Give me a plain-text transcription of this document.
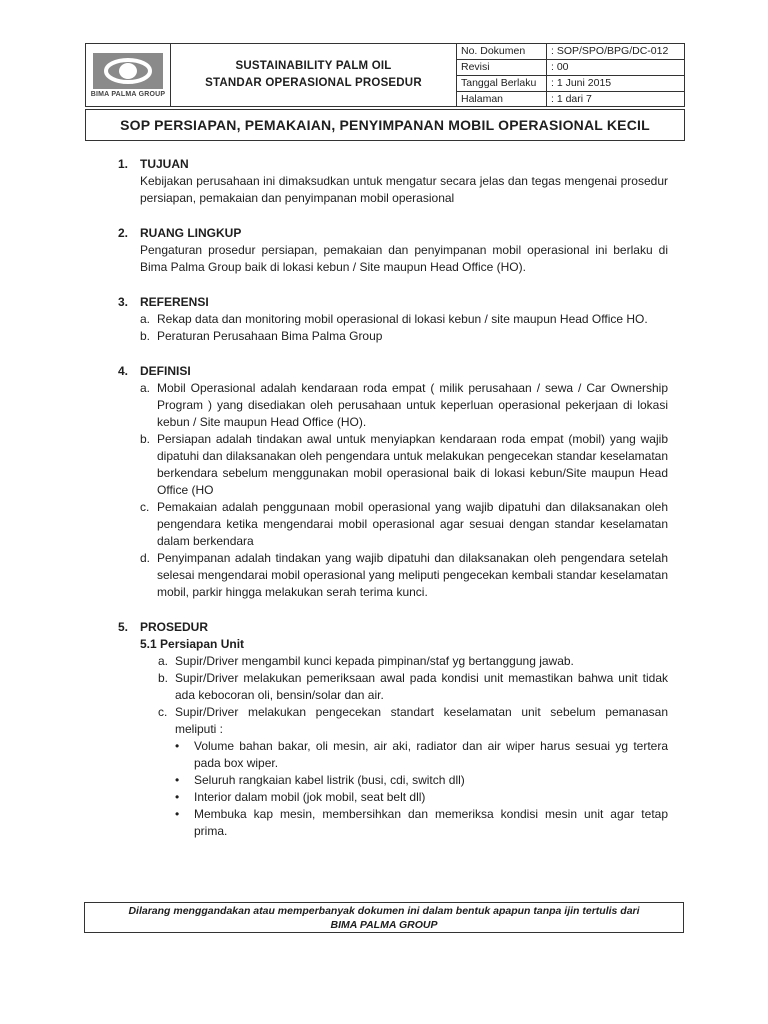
BIMA PALMA GROUP
SUSTAINABILITY PALM OIL
STANDAR OPERASIONAL PROSEDUR
No. Dokumen	: SOP/SPO/BPG/DC-012
Revisi	: 00
Tanggal Berlaku	: 1 Juni 2015
Halaman	: 1 dari 7
SOP PERSIAPAN, PEMAKAIAN, PENYIMPANAN MOBIL OPERASIONAL KECIL
1. TUJUAN
Kebijakan perusahaan ini dimaksudkan untuk mengatur secara jelas dan tegas mengenai prosedur persiapan, pemakaian dan penyimpanan mobil operasional
2. RUANG LINGKUP
Pengaturan prosedur persiapan, pemakaian dan penyimpanan mobil operasional ini berlaku di Bima Palma Group baik di lokasi kebun / Site maupun Head Office (HO).
3. REFERENSI
a. Rekap data dan monitoring mobil operasional di lokasi kebun / site maupun Head Office HO.
b. Peraturan Perusahaan Bima Palma Group
4. DEFINISI
a. Mobil Operasional adalah kendaraan roda empat ( milik perusahaan / sewa / Car Ownership Program ) yang disediakan oleh perusahaan untuk keperluan operasional pekerjaan di lokasi kebun / Site maupun Head Office (HO).
b. Persiapan adalah tindakan awal untuk menyiapkan kendaraan roda empat (mobil) yang wajib dipatuhi dan dilaksanakan oleh pengendara untuk melakukan pengecekan standar keselamatan berkendara sebelum menggunakan mobil operasional baik di lokasi kebun/Site maupun Head Office (HO
c. Pemakaian adalah penggunaan mobil operasional yang wajib dipatuhi dan dilaksanakan oleh pengendara ketika mengendarai mobil operasional agar sesuai dengan standar keselamatan dalam berkendara
d. Penyimpanan adalah tindakan yang wajib dipatuhi dan dilaksanakan oleh pengendara setelah selesai mengendarai mobil operasional yang meliputi pengecekan kembali standar keselamatan mobil, parkir hingga melakukan serah terima kunci.
5. PROSEDUR
5.1 Persiapan Unit
a. Supir/Driver mengambil kunci kepada pimpinan/staf yg bertanggung jawab.
b. Supir/Driver melakukan pemeriksaan awal pada kondisi unit memastikan bahwa unit tidak ada kebocoran oli, bensin/solar dan air.
c. Supir/Driver melakukan pengecekan standart keselamatan unit sebelum pemanasan meliputi :
•	Volume bahan bakar, oli mesin, air aki, radiator dan air wiper harus sesuai yg tertera pada box wiper.
•	Seluruh rangkaian kabel listrik (busi, cdi, switch dll)
•	Interior dalam mobil (jok mobil, seat belt dll)
•	Membuka kap mesin, membersihkan dan memeriksa kondisi mesin unit agar tetap prima.
Dilarang menggandakan atau memperbanyak dokumen ini dalam bentuk apapun tanpa ijin tertulis dari
BIMA PALMA GROUP
